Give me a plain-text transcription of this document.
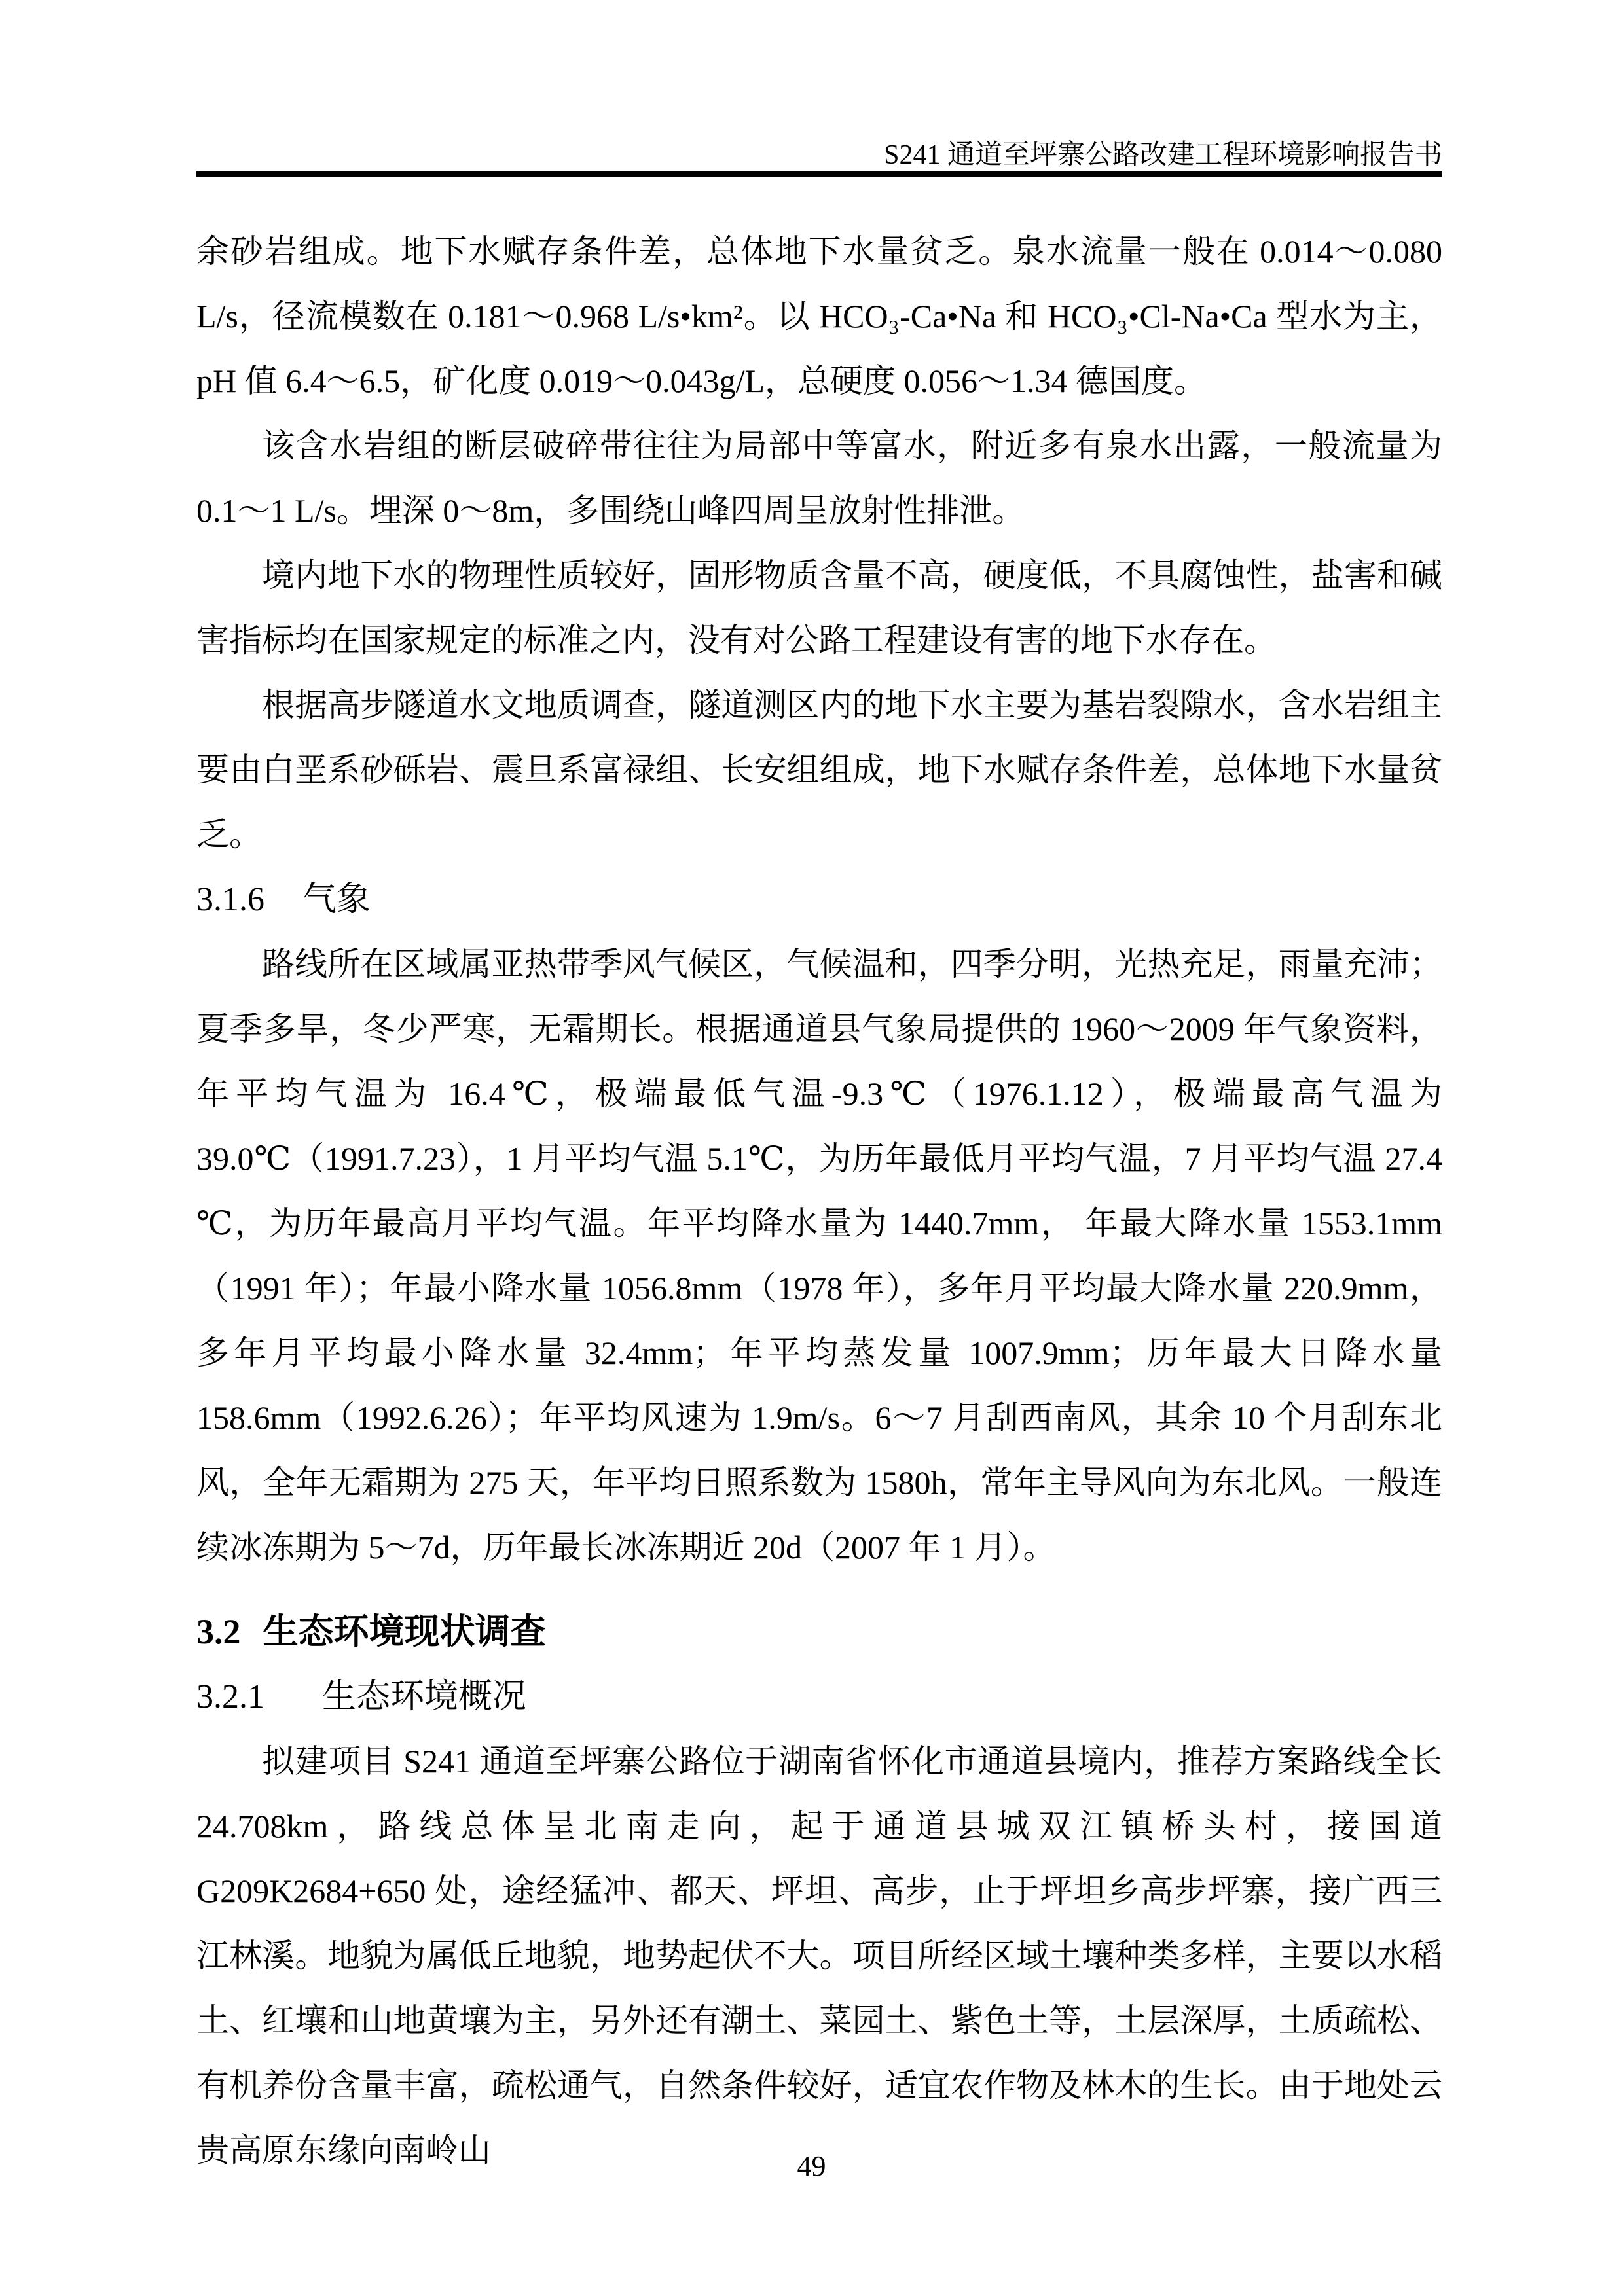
S241 通道至坪寨公路改建工程环境影响报告书

余砂岩组成。地下水赋存条件差，总体地下水量贫乏。泉水流量一般在 0.014～0.080 L/s，径流模数在 0.181～0.968 L/s•km²。以 HCO₃-Ca•Na 和 HCO₃•Cl-Na•Ca 型水为主，pH 值 6.4～6.5，矿化度 0.019～0.043g/L，总硬度 0.056～1.34 德国度。

该含水岩组的断层破碎带往往为局部中等富水，附近多有泉水出露，一般流量为 0.1～1 L/s。埋深 0～8m，多围绕山峰四周呈放射性排泄。

境内地下水的物理性质较好，固形物质含量不高，硬度低，不具腐蚀性，盐害和碱害指标均在国家规定的标准之内，没有对公路工程建设有害的地下水存在。

根据高步隧道水文地质调查，隧道测区内的地下水主要为基岩裂隙水，含水岩组主要由白垩系砂砾岩、震旦系富禄组、长安组组成，地下水赋存条件差，总体地下水量贫乏。

3.1.6 气象

路线所在区域属亚热带季风气候区，气候温和，四季分明，光热充足，雨量充沛；夏季多旱，冬少严寒，无霜期长。根据通道县气象局提供的 1960～2009 年气象资料，年平均气温为 16.4℃，极端最低气温-9.3℃（1976.1.12），极端最高气温为 39.0℃（1991.7.23），1 月平均气温 5.1℃，为历年最低月平均气温，7 月平均气温 27.4 ℃，为历年最高月平均气温。年平均降水量为 1440.7mm， 年最大降水量 1553.1mm（1991 年）；年最小降水量 1056.8mm（1978 年），多年月平均最大降水量 220.9mm，多年月平均最小降水量 32.4mm；年平均蒸发量 1007.9mm；历年最大日降水量 158.6mm（1992.6.26）；年平均风速为 1.9m/s。6～7 月刮西南风，其余 10 个月刮东北风，全年无霜期为 275 天，年平均日照系数为 1580h，常年主导风向为东北风。一般连续冰冻期为 5～7d，历年最长冰冻期近 20d（2007 年 1 月）。

3.2 生态环境现状调查
3.2.1 生态环境概况

拟建项目 S241 通道至坪寨公路位于湖南省怀化市通道县境内，推荐方案路线全长 24.708km，路线总体呈北南走向，起于通道县城双江镇桥头村，接国道 G209K2684+650 处，途经猛冲、都天、坪坦、高步，止于坪坦乡高步坪寨，接广西三江林溪。地貌为属低丘地貌，地势起伏不大。项目所经区域土壤种类多样，主要以水稻土、红壤和山地黄壤为主，另外还有潮土、菜园土、紫色土等，土层深厚，土质疏松、有机养份含量丰富，疏松通气，自然条件较好，适宜农作物及林木的生长。由于地处云贵高原东缘向南岭山	49
